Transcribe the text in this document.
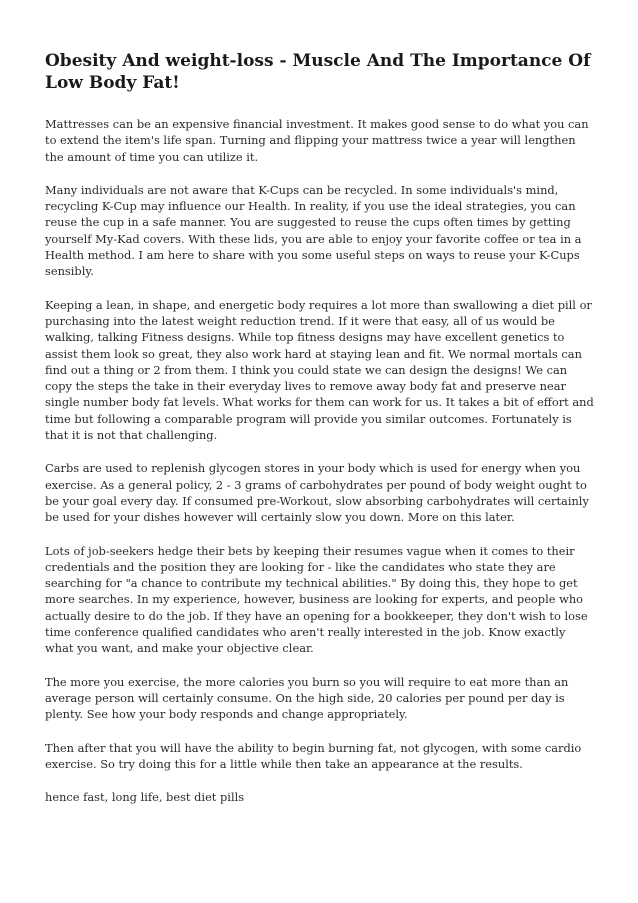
Obesity And weight-loss - Muscle And The Importance Of Low Body Fat!

Mattresses can be an expensive financial investment. It makes good sense to do what you can to extend the item's life span. Turning and flipping your mattress twice a year will lengthen the amount of time you can utilize it.

Many individuals are not aware that K-Cups can be recycled. In some individuals's mind, recycling K-Cup may influence our Health. In reality, if you use the ideal strategies, you can reuse the cup in a safe manner. You are suggested to reuse the cups often times by getting yourself My-Kad covers. With these lids, you are able to enjoy your favorite coffee or tea in a Health method. I am here to share with you some useful steps on ways to reuse your K-Cups sensibly.

Keeping a lean, in shape, and energetic body requires a lot more than swallowing a diet pill or purchasing into the latest weight reduction trend. If it were that easy, all of us would be walking, talking Fitness designs. While top fitness designs may have excellent genetics to assist them look so great, they also work hard at staying lean and fit. We normal mortals can find out a thing or 2 from them. I think you could state we can design the designs! We can copy the steps the take in their everyday lives to remove away body fat and preserve near single number body fat levels. What works for them can work for us. It takes a bit of effort and time but following a comparable program will provide you similar outcomes. Fortunately is that it is not that challenging.

Carbs are used to replenish glycogen stores in your body which is used for energy when you exercise. As a general policy, 2 - 3 grams of carbohydrates per pound of body weight ought to be your goal every day. If consumed pre-Workout, slow absorbing carbohydrates will certainly be used for your dishes however will certainly slow you down. More on this later.

Lots of job-seekers hedge their bets by keeping their resumes vague when it comes to their credentials and the position they are looking for - like the candidates who state they are searching for "a chance to contribute my technical abilities." By doing this, they hope to get more searches. In my experience, however, business are looking for experts, and people who actually desire to do the job. If they have an opening for a bookkeeper, they don't wish to lose time conference qualified candidates who aren't really interested in the job. Know exactly what you want, and make your objective clear.

The more you exercise, the more calories you burn so you will require to eat more than an average person will certainly consume. On the high side, 20 calories per pound per day is plenty. See how your body responds and change appropriately.

Then after that you will have the ability to begin burning fat, not glycogen, with some cardio exercise. So try doing this for a little while then take an appearance at the results.

hence fast, long life, best diet pills
